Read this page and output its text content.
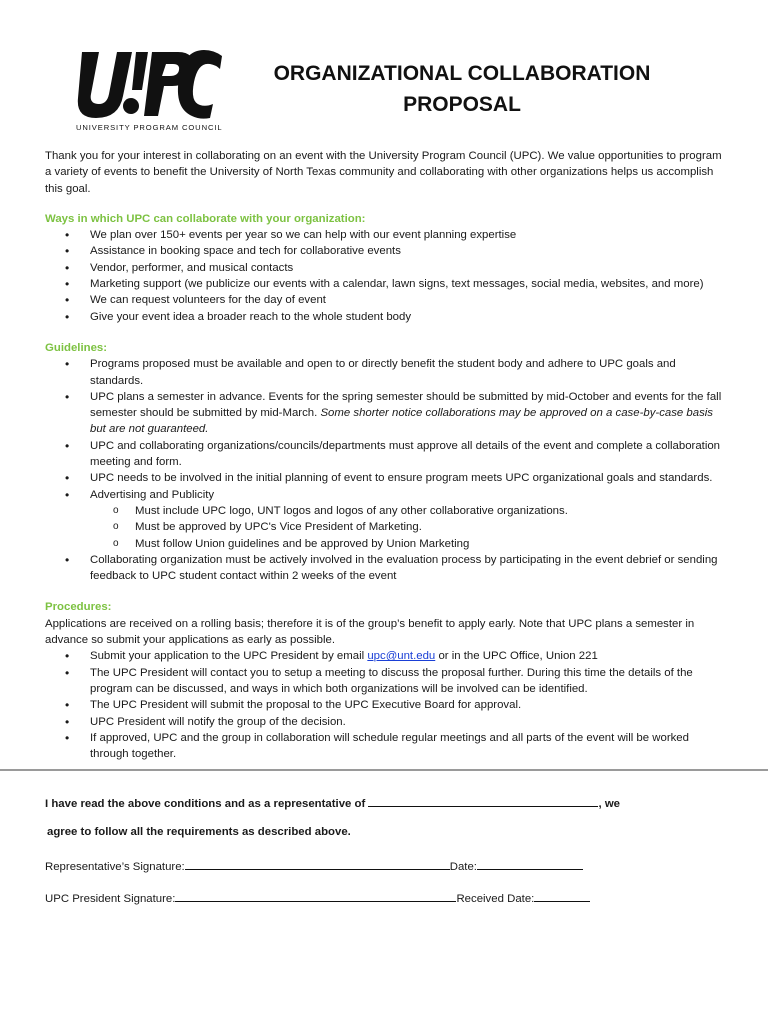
UNIVERSITY PROGRAM COUNCIL
ORGANIZATIONAL COLLABORATION
PROPOSAL

Thank you for your interest in collaborating on an event with the University Program Council (UPC). We value opportunities to program a variety of events to benefit the University of North Texas community and collaborating with other organizations helps us accomplish this goal.

Ways in which UPC can collaborate with your organization:

• We plan over 150+ events per year so we can help with our event planning expertise
• Assistance in booking space and tech for collaborative events
• Vendor, performer, and musical contacts
• Marketing support (we publicize our events with a calendar, lawn signs, text messages, social media, websites, and more)
• We can request volunteers for the day of event
• Give your event idea a broader reach to the whole student body

Guidelines:

• Programs proposed must be available and open to or directly benefit the student body and adhere to UPC goals and standards.
• UPC plans a semester in advance. Events for the spring semester should be submitted by mid-October and events for the fall semester should be submitted by mid-March. Some shorter notice collaborations may be approved on a case-by-case basis but are not guaranteed.
• UPC and collaborating organizations/councils/departments must approve all details of the event and complete a collaboration meeting and form.
• UPC needs to be involved in the initial planning of event to ensure program meets UPC organizational goals and standards.
• Advertising and Publicity
o Must include UPC logo, UNT logos and logos of any other collaborative organizations.
o Must be approved by UPC's Vice President of Marketing.
o Must follow Union guidelines and be approved by Union Marketing
• Collaborating organization must be actively involved in the evaluation process by participating in the event debrief or sending feedback to UPC student contact within 2 weeks of the event

Procedures:

Applications are received on a rolling basis; therefore it is of the group’s benefit to apply early. Note that UPC plans a semester in advance so submit your applications as early as possible.

• Submit your application to the UPC President by email upc@unt.edu or in the UPC Office, Union 221
• The UPC President will contact you to setup a meeting to discuss the proposal further. During this time the details of the program can be discussed, and ways in which both organizations will be involved can be identified.
• The UPC President will submit the proposal to the UPC Executive Board for approval.
• UPC President will notify the group of the decision.
• If approved, UPC and the group in collaboration will schedule regular meetings and all parts of the event will be worked through together.
I have read the above conditions and as a representative of	, we
agree to follow all the requirements as described above.
Representative’s Signature:	Date:
UPC President Signature:	Received Date:
